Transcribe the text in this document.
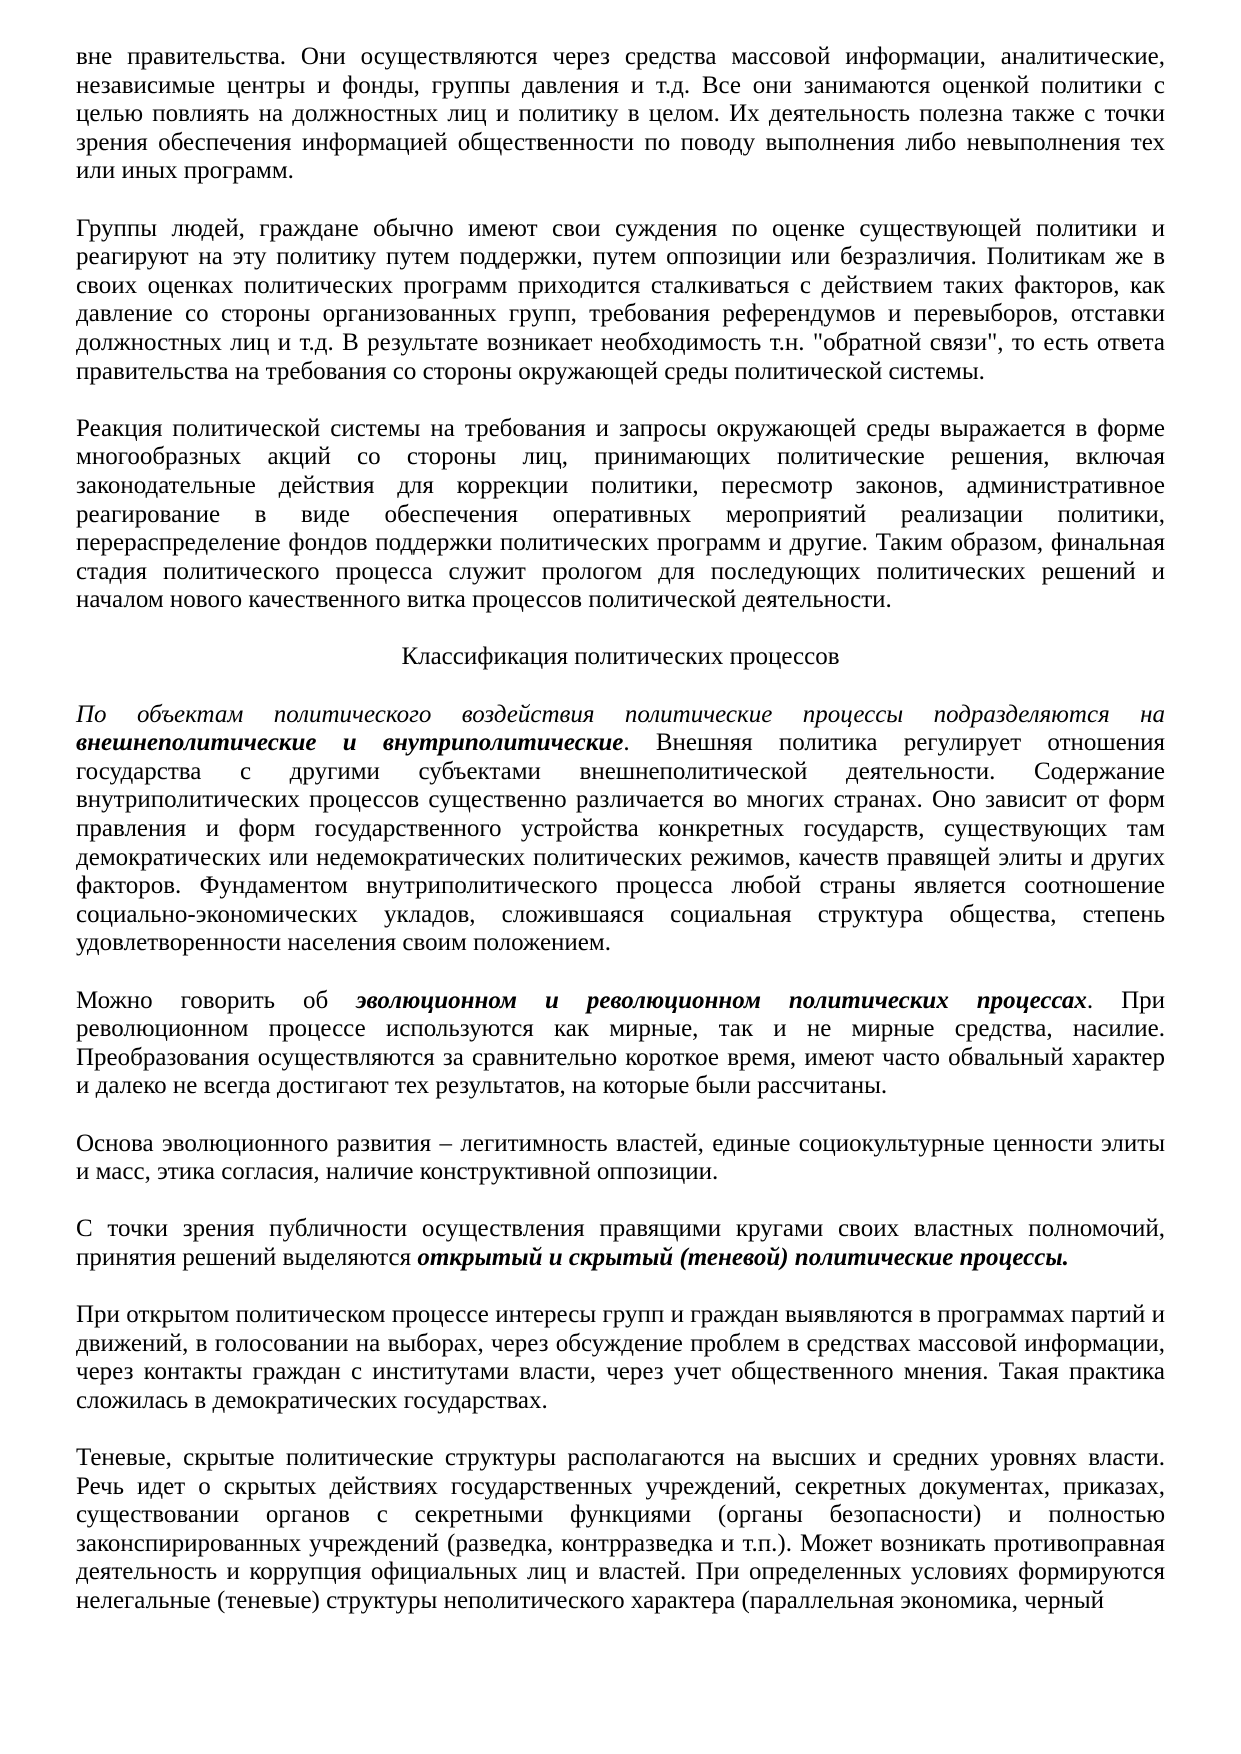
вне правительства. Они осуществляются через средства массовой информации, аналитические, независимые центры и фонды, группы давления и т.д. Все они занимаются оценкой политики с целью повлиять на должностных лиц и политику в целом. Их деятельность полезна также с точки зрения обеспечения информацией общественности по поводу выполнения либо невыполнения тех или иных программ.

Группы людей, граждане обычно имеют свои суждения по оценке существующей политики и реагируют на эту политику путем поддержки, путем оппозиции или безразличия. Политикам же в своих оценках политических программ приходится сталкиваться с действием таких факторов, как давление со стороны организованных групп, требования референдумов и перевыборов, отставки должностных лиц и т.д. В результате возникает необходимость т.н. "обратной связи", то есть ответа правительства на требования со стороны окружающей среды политической системы.

Реакция политической системы на требования и запросы окружающей среды выражается в форме многообразных акций со стороны лиц, принимающих политические решения, включая законодательные действия для коррекции политики, пересмотр законов, административное реагирование в виде обеспечения оперативных мероприятий реализации политики, перераспределение фондов поддержки политических программ и другие. Таким образом, финальная стадия политического процесса служит прологом для последующих политических решений и началом нового качественного витка процессов политической деятельности.

Классификация политических процессов

По объектам политического воздействия политические процессы подразделяются на внешнеполитические и внутриполитические. Внешняя политика регулирует отношения государства с другими субъектами внешнеполитической деятельности. Содержание внутриполитических процессов существенно различается во многих странах. Оно зависит от форм правления и форм государственного устройства конкретных государств, существующих там демократических или недемократических политических режимов, качеств правящей элиты и других факторов. Фундаментом внутриполитического процесса любой страны является соотношение социально-экономических укладов, сложившаяся социальная структура общества, степень удовлетворенности населения своим положением.

Можно говорить об эволюционном и революционном политических процессах. При революционном процессе используются как мирные, так и не мирные средства, насилие. Преобразования осуществляются за сравнительно короткое время, имеют часто обвальный характер и далеко не всегда достигают тех результатов, на которые были рассчитаны.

Основа эволюционного развития – легитимность властей, единые социокультурные ценности элиты и масс, этика согласия, наличие конструктивной оппозиции.

С точки зрения публичности осуществления правящими кругами своих властных полномочий, принятия решений выделяются открытый и скрытый (теневой) политические процессы.

При открытом политическом процессе интересы групп и граждан выявляются в программах партий и движений, в голосовании на выборах, через обсуждение проблем в средствах массовой информации, через контакты граждан с институтами власти, через учет общественного мнения. Такая практика сложилась в демократических государствах.

Теневые, скрытые политические структуры располагаются на высших и средних уровнях власти. Речь идет о скрытых действиях государственных учреждений, секретных документах, приказах, существовании органов с секретными функциями (органы безопасности) и полностью законспирированных учреждений (разведка, контрразведка и т.п.). Может возникать противоправная деятельность и коррупция официальных лиц и властей. При определенных условиях формируются нелегальные (теневые) структуры неполитического характера (параллельная экономика, черный
